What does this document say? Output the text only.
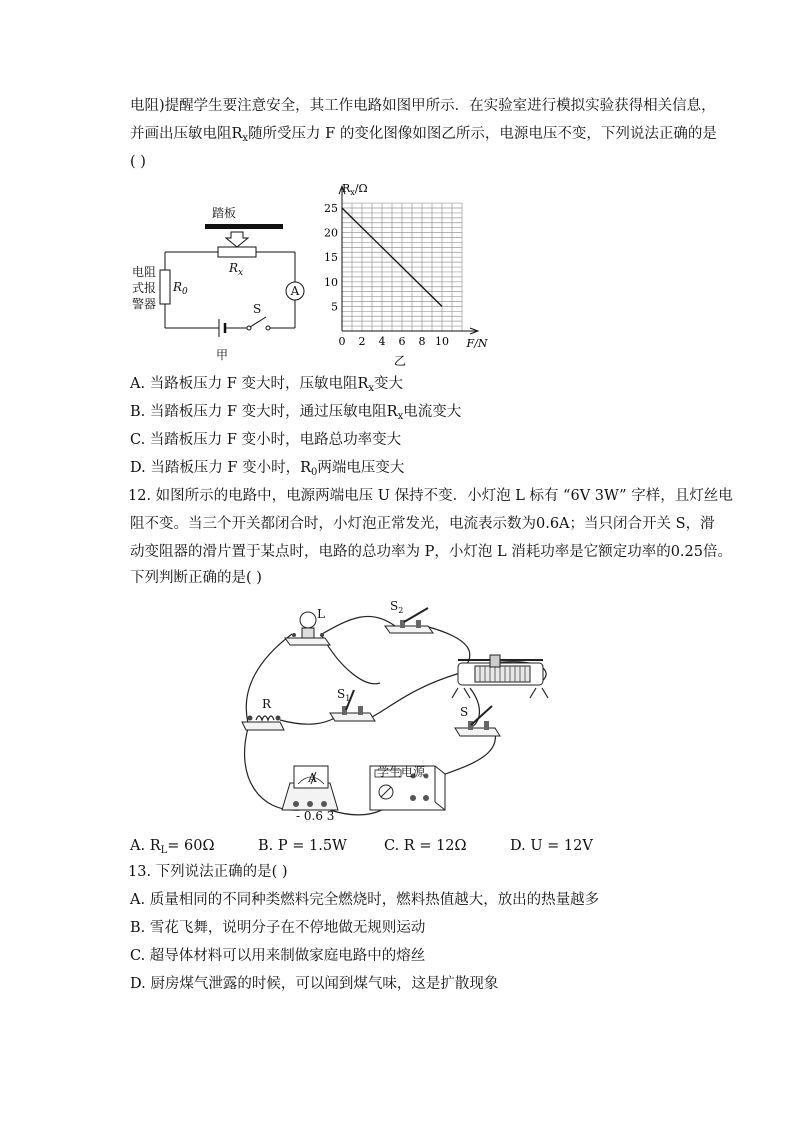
电阻)提醒学生要注意安全，其工作电路如图甲所示．在实验室进行模拟实验获得相关信息，
并画出压敏电阻$R_x$随所受压力 F 的变化图像如图乙所示，电源电压不变，下列说法正确的是
( )
踏板
$R_x$
$R_0$
电阻
式报
警器
A
S
甲
0 2 4 6 8 10
5
10
15
20
25
$R_x/\Omega$
F/N
乙
A. 当路板压力 F 变大时，压敏电阻$R_x$变大
B. 当踏板压力 F 变大时，通过压敏电阻$R_x$电流变大
C. 当踏板压力 F 变小时，电路总功率变大
D. 当踏板压力 F 变小时，$R_0$两端电压变大
12. 如图所示的电路中，电源两端电压 U 保持不变．小灯泡 L 标有 “6V 3W” 字样，且灯丝电
阻不变。当三个开关都闭合时，小灯泡正常发光，电流表示数为0.6A；当只闭合开关 S，滑
动变阻器的滑片置于某点时，电路的总功率为 P，小灯泡 L 消耗功率是它额定功率的0.25倍。
下列判断正确的是( )
L
$S_2$
R
$S_1$
S
A
- 0.6 3
学生电源
A. RL= 60Ω	B. P = 1.5W	C. R = 12Ω	D. U = 12V
13. 下列说法正确的是( )
A. 质量相同的不同种类燃料完全燃烧时，燃料热值越大，放出的热量越多
B. 雪花飞舞，说明分子在不停地做无规则运动
C. 超导体材料可以用来制做家庭电路中的熔丝
D. 厨房煤气泄露的时候，可以闻到煤气味，这是扩散现象
